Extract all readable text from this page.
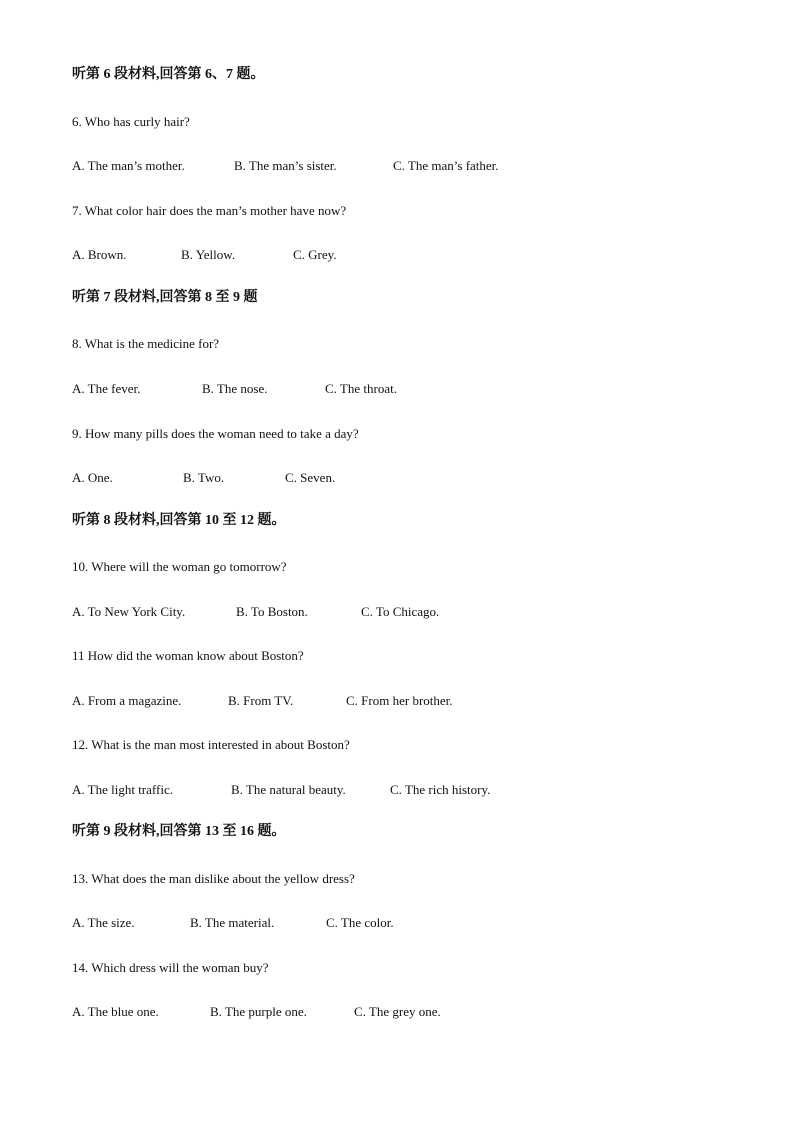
听第 6 段材料,回答第 6、7 题。
6. Who has curly hair?
A. The man’s mother.	B. The man’s sister.	C. The man’s father.
7. What color hair does the man’s mother have now?
A. Brown.	B. Yellow.	C. Grey.
听第 7 段材料,回答第 8 至 9 题
8. What is the medicine for?
A. The fever.	B. The nose.	C. The throat.
9. How many pills does the woman need to take a day?
A. One.	B. Two.	C. Seven.
听第 8 段材料,回答第 10 至 12 题。
10. Where will the woman go tomorrow?
A. To New York City.	B. To Boston.	C. To Chicago.
11 How did the woman know about Boston?
A. From a magazine.	B. From TV.	C. From her brother.
12. What is the man most interested in about Boston?
A. The light traffic.	B. The natural beauty.	C. The rich history.
听第 9 段材料,回答第 13 至 16 题。
13. What does the man dislike about the yellow dress?
A. The size.	B. The material.	C. The color.
14. Which dress will the woman buy?
A. The blue one.	B. The purple one.	C. The grey one.
